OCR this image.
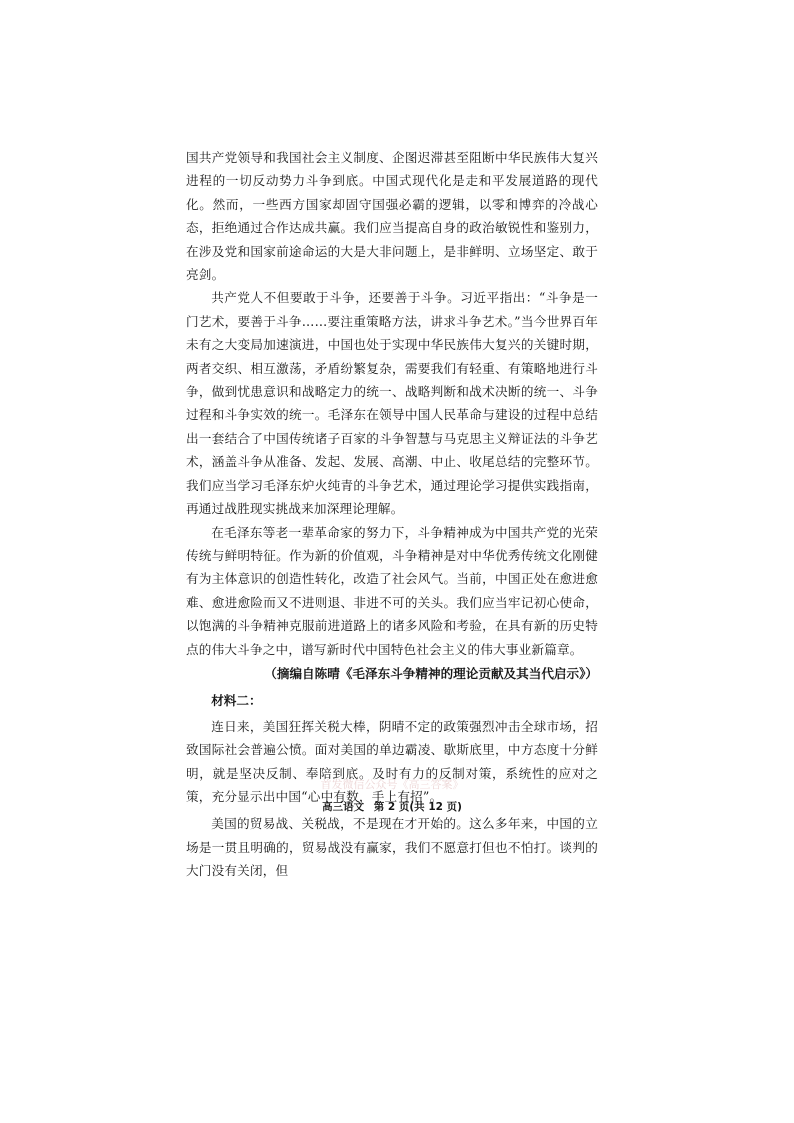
国共产党领导和我国社会主义制度、企图迟滞甚至阻断中华民族伟大复兴进程的一切反动势力斗争到底。中国式现代化是走和平发展道路的现代化。然而，一些西方国家却固守国强必霸的逻辑，以零和博弈的冷战心态，拒绝通过合作达成共赢。我们应当提高自身的政治敏锐性和鉴别力，在涉及党和国家前途命运的大是大非问题上，是非鲜明、立场坚定、敢于亮剑。

共产党人不但要敢于斗争，还要善于斗争。习近平指出：“斗争是一门艺术，要善于斗争……要注重策略方法，讲求斗争艺术。”当今世界百年未有之大变局加速演进，中国也处于实现中华民族伟大复兴的关键时期，两者交织、相互激荡，矛盾纷繁复杂，需要我们有轻重、有策略地进行斗争，做到忧患意识和战略定力的统一、战略判断和战术决断的统一、斗争过程和斗争实效的统一。毛泽东在领导中国人民革命与建设的过程中总结出一套结合了中国传统诸子百家的斗争智慧与马克思主义辩证法的斗争艺术，涵盖斗争从准备、发起、发展、高潮、中止、收尾总结的完整环节。我们应当学习毛泽东炉火纯青的斗争艺术，通过理论学习提供实践指南，再通过战胜现实挑战来加深理论理解。

在毛泽东等老一辈革命家的努力下，斗争精神成为中国共产党的光荣传统与鲜明特征。作为新的价值观，斗争精神是对中华优秀传统文化刚健有为主体意识的创造性转化，改造了社会风气。当前，中国正处在愈进愈难、愈进愈险而又不进则退、非进不可的关头。我们应当牢记初心使命，以饱满的斗争精神克服前进道路上的诸多风险和考验，在具有新的历史特点的伟大斗争之中，谱写新时代中国特色社会主义的伟大事业新篇章。

（摘编自陈晴《毛泽东斗争精神的理论贡献及其当代启示》）

材料二：

连日来，美国狂挥关税大棒，阴晴不定的政策强烈冲击全球市场，招致国际社会普遍公愤。面对美国的单边霸凌、歇斯底里，中方态度十分鲜明，就是坚决反制、奉陪到底。及时有力的反制对策，系统性的应对之策，充分显示出中国“心中有数，手上有招”。

首发微信公众号《高三答案》

美国的贸易战、关税战，不是现在才开始的。这么多年来，中国的立场是一贯且明确的，贸易战没有赢家，我们不愿意打但也不怕打。谈判的大门没有关闭，但

高三语文 第 2 页(共 12 页)
